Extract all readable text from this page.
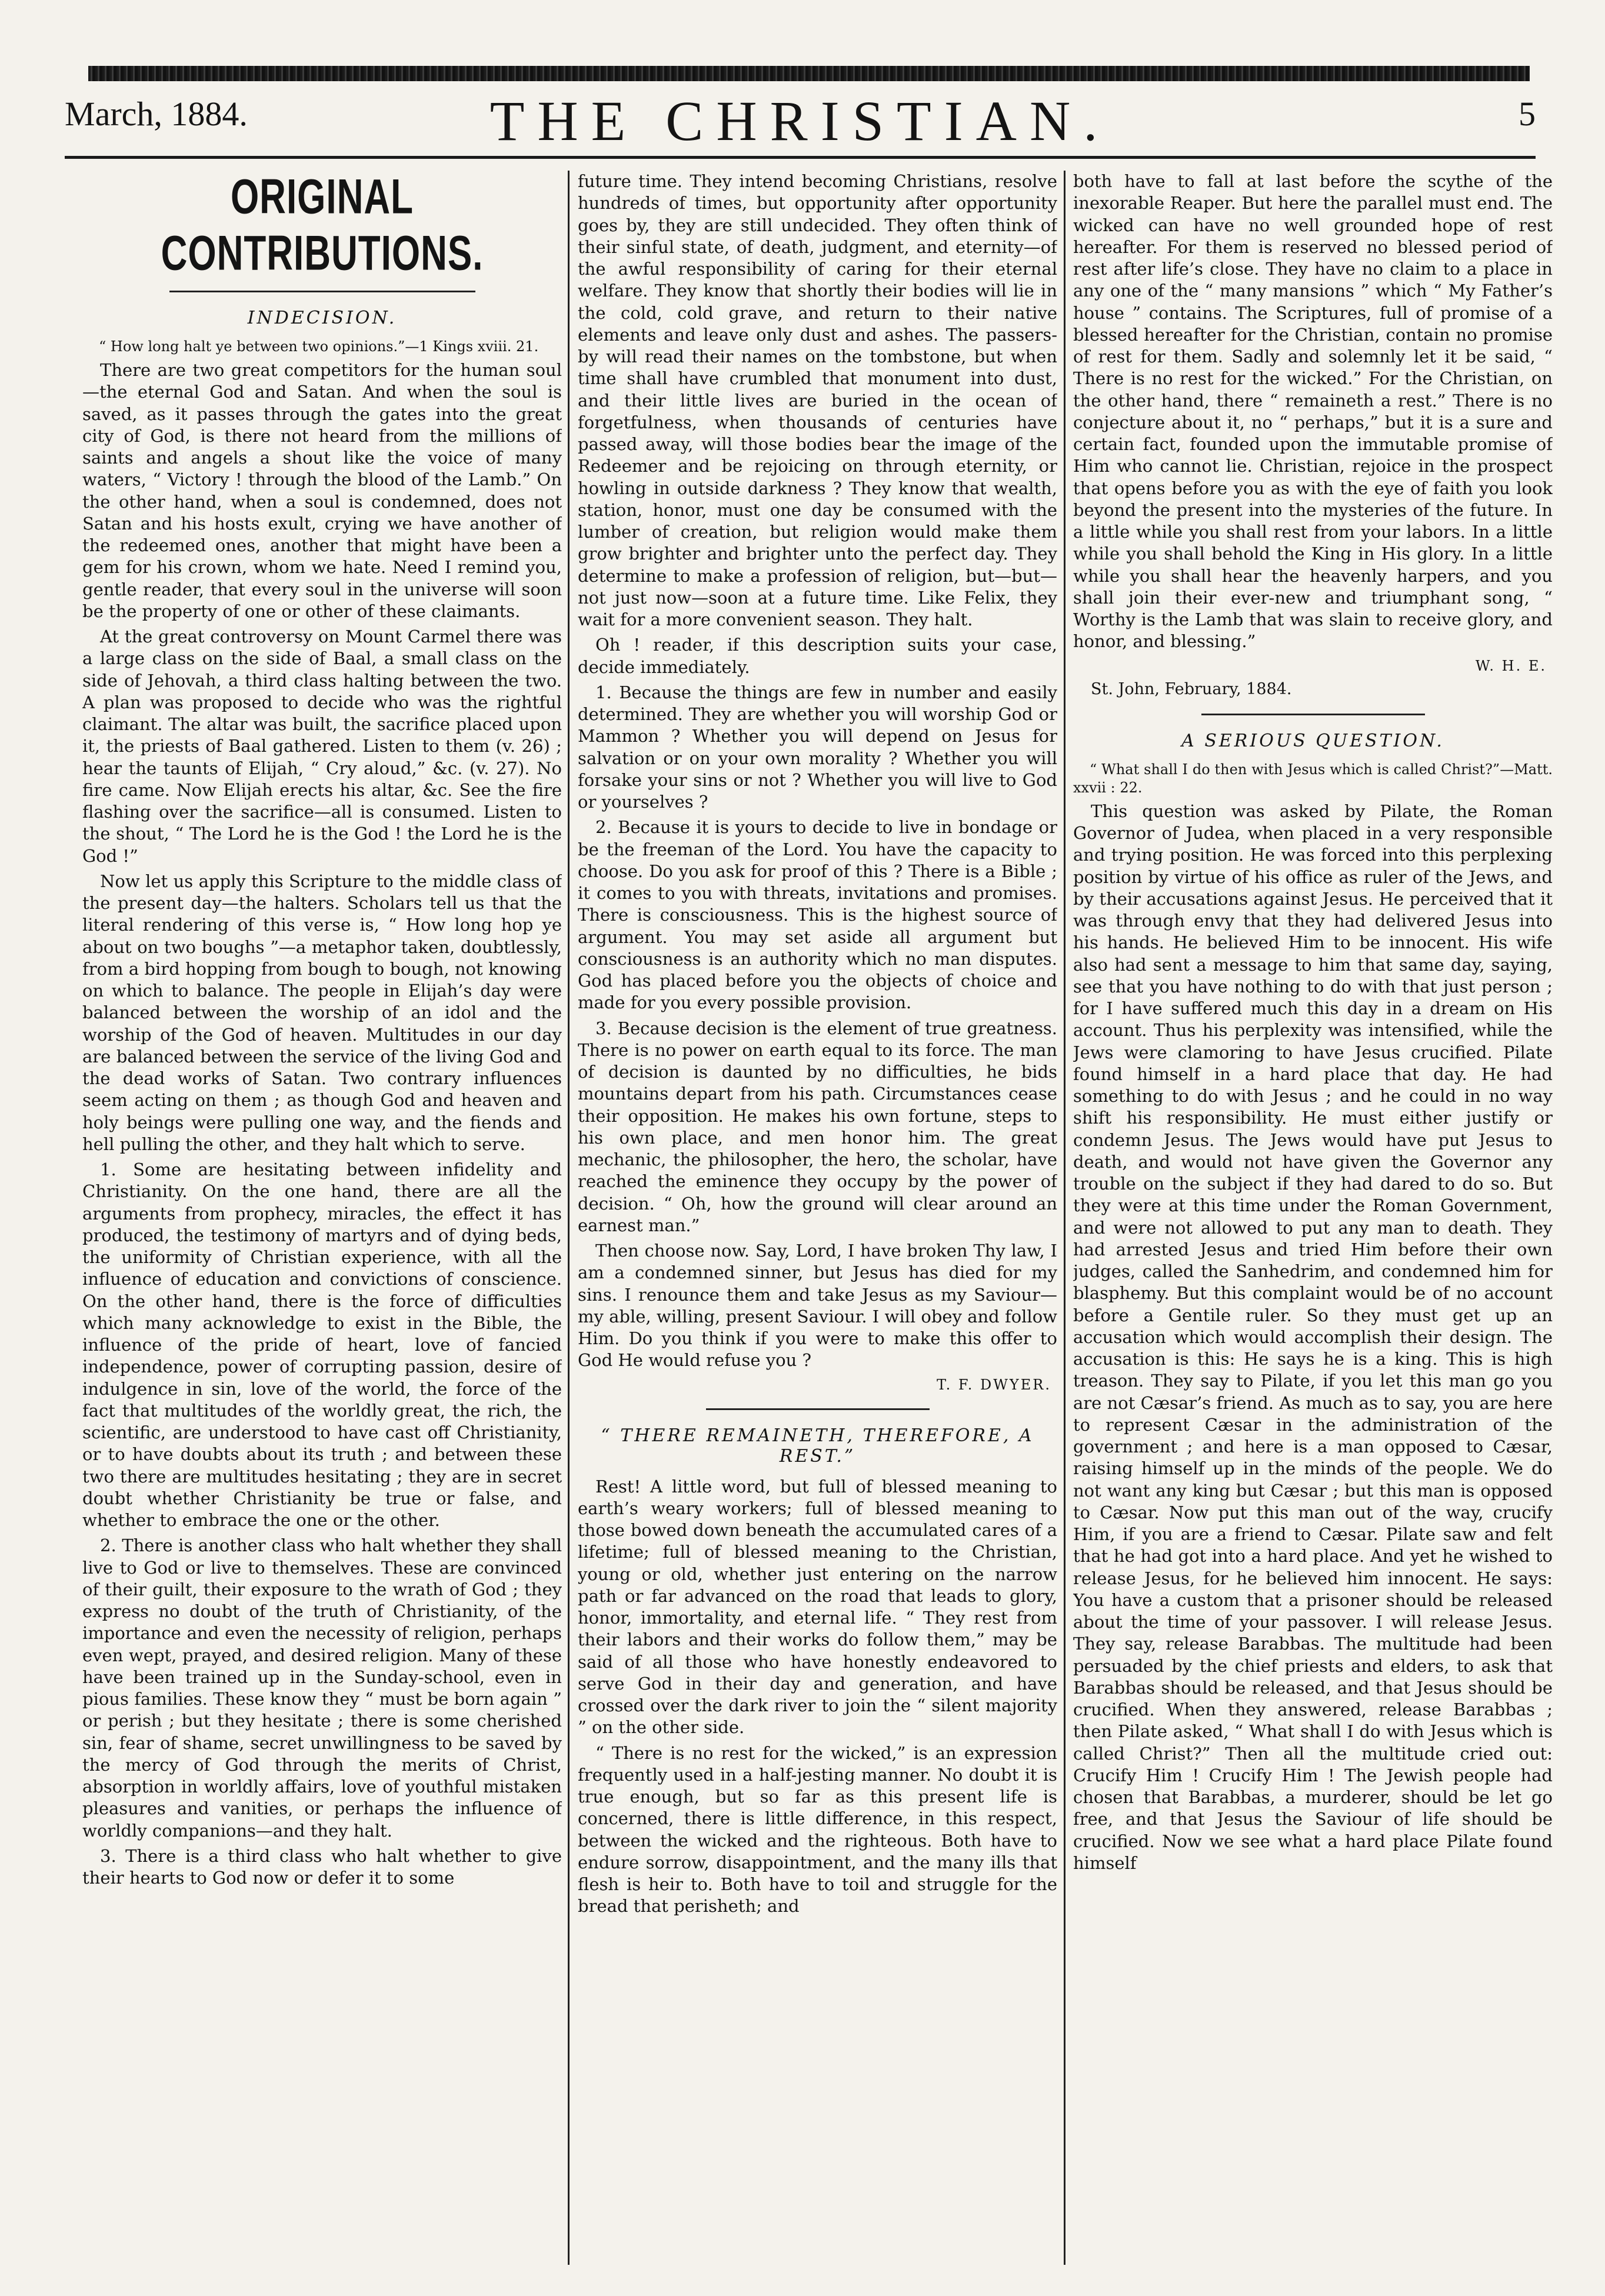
March, 1884.	THE CHRISTIAN.	5
ORIGINAL CONTRIBUTIONS.
INDECISION.
“ How long halt ye between two opinions.”—1 Kings xviii. 21.

There are two great competitors for the human soul—the eternal God and Satan. And when the soul is saved, as it passes through the gates into the great city of God, is there not heard from the millions of saints and angels a shout like the voice of many waters, “ Victory ! through the blood of the Lamb.” On the other hand, when a soul is condemned, does not Satan and his hosts exult, crying we have another of the redeemed ones, another that might have been a gem for his crown, whom we hate. Need I remind you, gentle reader, that every soul in the universe will soon be the property of one or other of these claimants.

At the great controversy on Mount Carmel there was a large class on the side of Baal, a small class on the side of Jehovah, a third class halting between the two. A plan was proposed to decide who was the rightful claimant. The altar was built, the sacrifice placed upon it, the priests of Baal gathered. Listen to them (v. 26) ; hear the taunts of Elijah, “ Cry aloud,” &c. (v. 27). No fire came. Now Elijah erects his altar, &c. See the fire flashing over the sacrifice—all is consumed. Listen to the shout, “ The Lord he is the God ! the Lord he is the God !”

Now let us apply this Scripture to the middle class of the present day—the halters. Scholars tell us that the literal rendering of this verse is, “ How long hop ye about on two boughs ”—a metaphor taken, doubtlessly, from a bird hopping from bough to bough, not knowing on which to balance. The people in Elijah’s day were balanced between the worship of an idol and the worship of the God of heaven. Multitudes in our day are balanced between the service of the living God and the dead works of Satan. Two contrary influences seem acting on them ; as though God and heaven and holy beings were pulling one way, and the fiends and hell pulling the other, and they halt which to serve.

1. Some are hesitating between infidelity and Christianity. On the one hand, there are all the arguments from prophecy, miracles, the effect it has produced, the testimony of martyrs and of dying beds, the uniformity of Christian experience, with all the influence of education and convictions of conscience. On the other hand, there is the force of difficulties which many acknowledge to exist in the Bible, the influence of the pride of heart, love of fancied independence, power of corrupting passion, desire of indulgence in sin, love of the world, the force of the fact that multitudes of the worldly great, the rich, the scientific, are understood to have cast off Christianity, or to have doubts about its truth ; and between these two there are multitudes hesitating ; they are in secret doubt whether Christianity be true or false, and whether to embrace the one or the other.

2. There is another class who halt whether they shall live to God or live to themselves. These are convinced of their guilt, their exposure to the wrath of God ; they express no doubt of the truth of Christianity, of the importance and even the necessity of religion, perhaps even wept, prayed, and desired religion. Many of these have been trained up in the Sunday-school, even in pious families. These know they “ must be born again ” or perish ; but they hesitate ; there is some cherished sin, fear of shame, secret unwillingness to be saved by the mercy of God through the merits of Christ, absorption in worldly affairs, love of youthful mistaken pleasures and vanities, or perhaps the influence of worldly companions—and they halt.

3. There is a third class who halt whether to give their hearts to God now or defer it to some

future time. They intend becoming Christians, resolve hundreds of times, but opportunity after opportunity goes by, they are still undecided. They often think of their sinful state, of death, judgment, and eternity—of the awful responsibility of caring for their eternal welfare. They know that shortly their bodies will lie in the cold, cold grave, and return to their native elements and leave only dust and ashes. The passers-by will read their names on the tombstone, but when time shall have crumbled that monument into dust, and their little lives are buried in the ocean of forgetfulness, when thousands of centuries have passed away, will those bodies bear the image of the Redeemer and be rejoicing on through eternity, or howling in outside darkness ? They know that wealth, station, honor, must one day be consumed with the lumber of creation, but religion would make them grow brighter and brighter unto the perfect day. They determine to make a profession of religion, but—but—not just now—soon at a future time. Like Felix, they wait for a more convenient season. They halt.

Oh ! reader, if this description suits your case, decide immediately.

1. Because the things are few in number and easily determined. They are whether you will worship God or Mammon ? Whether you will depend on Jesus for salvation or on your own morality ? Whether you will forsake your sins or not ? Whether you will live to God or yourselves ?

2. Because it is yours to decide to live in bondage or be the freeman of the Lord. You have the capacity to choose. Do you ask for proof of this ? There is a Bible ; it comes to you with threats, invitations and promises. There is consciousness. This is the highest source of argument. You may set aside all argument but consciousness is an authority which no man disputes. God has placed before you the objects of choice and made for you every possible provision.

3. Because decision is the element of true greatness. There is no power on earth equal to its force. The man of decision is daunted by no difficulties, he bids mountains depart from his path. Circumstances cease their opposition. He makes his own fortune, steps to his own place, and men honor him. The great mechanic, the philosopher, the hero, the scholar, have reached the eminence they occupy by the power of decision. “ Oh, how the ground will clear around an earnest man.”

Then choose now. Say, Lord, I have broken Thy law, I am a condemned sinner, but Jesus has died for my sins. I renounce them and take Jesus as my Saviour—my able, willing, present Saviour. I will obey and follow Him. Do you think if you were to make this offer to God He would refuse you ?

T. F. DWYER.
“ THERE REMAINETH, THEREFORE, A REST.”

Rest! A little word, but full of blessed meaning to earth’s weary workers; full of blessed meaning to those bowed down beneath the accumulated cares of a lifetime; full of blessed meaning to the Christian, young or old, whether just entering on the narrow path or far advanced on the road that leads to glory, honor, immortality, and eternal life. “ They rest from their labors and their works do follow them,” may be said of all those who have honestly endeavored to serve God in their day and generation, and have crossed over the dark river to join the “ silent majority ” on the other side.

“ There is no rest for the wicked,” is an expression frequently used in a half-jesting manner. No doubt it is true enough, but so far as this present life is concerned, there is little difference, in this respect, between the wicked and the righteous. Both have to endure sorrow, disappointment, and the many ills that flesh is heir to. Both have to toil and struggle for the bread that perisheth; and

both have to fall at last before the scythe of the inexorable Reaper. But here the parallel must end. The wicked can have no well grounded hope of rest hereafter. For them is reserved no blessed period of rest after life’s close. They have no claim to a place in any one of the “ many mansions ” which “ My Father’s house ” contains. The Scriptures, full of promise of a blessed hereafter for the Christian, contain no promise of rest for them. Sadly and solemnly let it be said, “ There is no rest for the wicked.” For the Christian, on the other hand, there “ remaineth a rest.” There is no conjecture about it, no “ perhaps,” but it is a sure and certain fact, founded upon the immutable promise of Him who cannot lie. Christian, rejoice in the prospect that opens before you as with the eye of faith you look beyond the present into the mysteries of the future. In a little while you shall rest from your labors. In a little while you shall behold the King in His glory. In a little while you shall hear the heavenly harpers, and you shall join their ever-new and triumphant song, “ Worthy is the Lamb that was slain to receive glory, and honor, and blessing.”

W. H. E.
St. John, February, 1884.
A SERIOUS QUESTION.
“ What shall I do then with Jesus which is called Christ?”—Matt. xxvii : 22.

This question was asked by Pilate, the Roman Governor of Judea, when placed in a very responsible and trying position. He was forced into this perplexing position by virtue of his office as ruler of the Jews, and by their accusations against Jesus. He perceived that it was through envy that they had delivered Jesus into his hands. He believed Him to be innocent. His wife also had sent a message to him that same day, saying, see that you have nothing to do with that just person ; for I have suffered much this day in a dream on His account. Thus his perplexity was intensified, while the Jews were clamoring to have Jesus crucified. Pilate found himself in a hard place that day. He had something to do with Jesus ; and he could in no way shift his responsibility. He must either justify or condemn Jesus. The Jews would have put Jesus to death, and would not have given the Governor any trouble on the subject if they had dared to do so. But they were at this time under the Roman Government, and were not allowed to put any man to death. They had arrested Jesus and tried Him before their own judges, called the Sanhedrim, and condemned him for blasphemy. But this complaint would be of no account before a Gentile ruler. So they must get up an accusation which would accomplish their design. The accusation is this: He says he is a king. This is high treason. They say to Pilate, if you let this man go you are not Cæsar’s friend. As much as to say, you are here to represent Cæsar in the administration of the government ; and here is a man opposed to Cæsar, raising himself up in the minds of the people. We do not want any king but Cæsar ; but this man is opposed to Cæsar. Now put this man out of the way, crucify Him, if you are a friend to Cæsar. Pilate saw and felt that he had got into a hard place. And yet he wished to release Jesus, for he believed him innocent. He says: You have a custom that a prisoner should be released about the time of your passover. I will release Jesus. They say, release Barabbas. The multitude had been persuaded by the chief priests and elders, to ask that Barabbas should be released, and that Jesus should be crucified. When they answered, release Barabbas ; then Pilate asked, “ What shall I do with Jesus which is called Christ?” Then all the multitude cried out: Crucify Him ! Crucify Him ! The Jewish people had chosen that Barabbas, a murderer, should be let go free, and that Jesus the Saviour of life should be crucified. Now we see what a hard place Pilate found himself
